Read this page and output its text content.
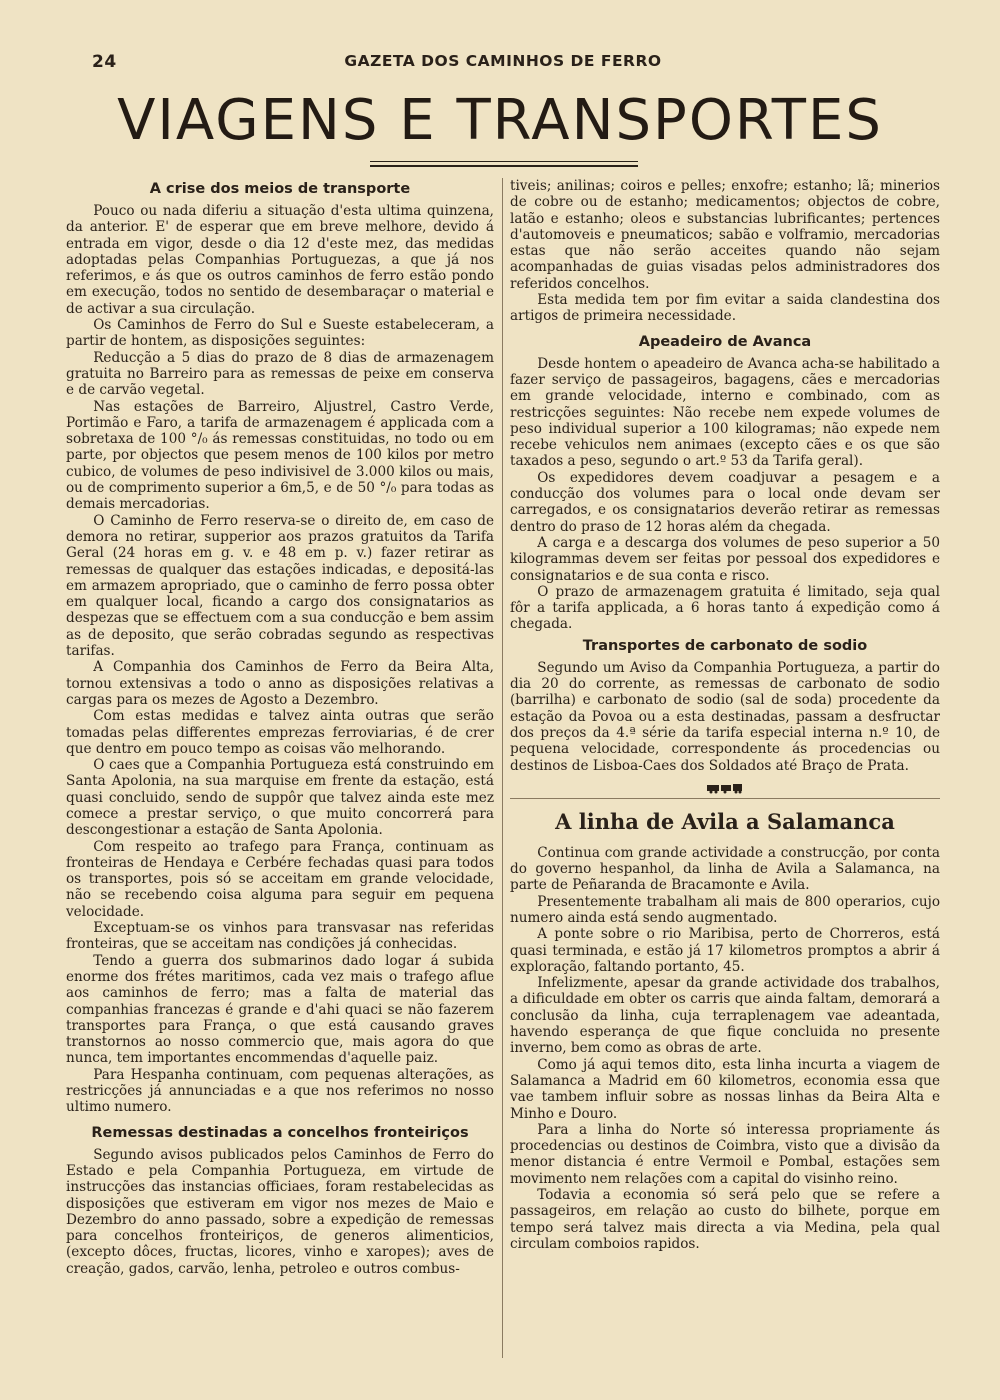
24	GAZETA DOS CAMINHOS DE FERRO
VIAGENS E TRANSPORTES
A crise dos meios de transporte

Pouco ou nada diferiu a situação d'esta ultima quinzena, da anterior. E' de esperar que em breve melhore, devido á entrada em vigor, desde o dia 12 d'este mez, das medidas adoptadas pelas Companhias Portuguezas, a que já nos referimos, e ás que os outros caminhos de ferro estão pondo em execução, todos no sentido de desembaraçar o material e de activar a sua circulação.

Os Caminhos de Ferro do Sul e Sueste estabeleceram, a partir de hontem, as disposições seguintes:

Reducção a 5 dias do prazo de 8 dias de armazenagem gratuita no Barreiro para as remessas de peixe em conserva e de carvão vegetal.

Nas estações de Barreiro, Aljustrel, Castro Verde, Portimão e Faro, a tarifa de armazenagem é applicada com a sobretaxa de 100 °/₀ ás remessas constituidas, no todo ou em parte, por objectos que pesem menos de 100 kilos por metro cubico, de volumes de peso indivisivel de 3.000 kilos ou mais, ou de comprimento superior a 6m,5, e de 50 °/₀ para todas as demais mercadorias.

O Caminho de Ferro reserva-se o direito de, em caso de demora no retirar, supperior aos prazos gratuitos da Tarifa Geral (24 horas em g. v. e 48 em p. v.) fazer retirar as remessas de qualquer das estações indicadas, e depositá-las em armazem apropriado, que o caminho de ferro possa obter em qualquer local, ficando a cargo dos consignatarios as despezas que se effectuem com a sua conducção e bem assim as de deposito, que serão cobradas segundo as respectivas tarifas.

A Companhia dos Caminhos de Ferro da Beira Alta, tornou extensivas a todo o anno as disposições relativas a cargas para os mezes de Agosto a Dezembro.

Com estas medidas e talvez ainta outras que serão tomadas pelas differentes emprezas ferroviarias, é de crer que dentro em pouco tempo as coisas vão melhorando.

O caes que a Companhia Portugueza está construindo em Santa Apolonia, na sua marquise em frente da estação, está quasi concluido, sendo de suppôr que talvez ainda este mez comece a prestar serviço, o que muito concorrerá para descongestionar a estação de Santa Apolonia.

Com respeito ao trafego para França, continuam as fronteiras de Hendaya e Cerbére fechadas quasi para todos os transportes, pois só se acceitam em grande velocidade, não se recebendo coisa alguma para seguir em pequena velocidade.

Exceptuam-se os vinhos para transvasar nas referidas fronteiras, que se acceitam nas condições já conhecidas.

Tendo a guerra dos submarinos dado logar á subida enorme dos frétes maritimos, cada vez mais o trafego aflue aos caminhos de ferro; mas a falta de material das companhias francezas é grande e d'ahi quaci se não fazerem transportes para França, o que está causando graves transtornos ao nosso commercio que, mais agora do que nunca, tem importantes encommendas d'aquelle paiz.

Para Hespanha continuam, com pequenas alterações, as restricções já annunciadas e a que nos referimos no nosso ultimo numero.

Remessas destinadas a concelhos fronteiriços

Segundo avisos publicados pelos Caminhos de Ferro do Estado e pela Companhia Portugueza, em virtude de instrucções das instancias officiaes, foram restabelecidas as disposições que estiveram em vigor nos mezes de Maio e Dezembro do anno passado, sobre a expedição de remessas para concelhos fronteiriços, de generos alimenticios, (excepto dôces, fructas, licores, vinho e xaropes); aves de creação, gados, carvão, lenha, petroleo e outros combus-

tiveis; anilinas; coiros e pelles; enxofre; estanho; lã; minerios de cobre ou de estanho; medicamentos; objectos de cobre, latão e estanho; oleos e substancias lubrificantes; pertences d'automoveis e pneumaticos; sabão e volframio, mercadorias estas que não serão acceites quando não sejam acompanhadas de guias visadas pelos administradores dos referidos concelhos.

Esta medida tem por fim evitar a saida clandestina dos artigos de primeira necessidade.

Apeadeiro de Avanca

Desde hontem o apeadeiro de Avanca acha-se habilitado a fazer serviço de passageiros, bagagens, cães e mercadorias em grande velocidade, interno e combinado, com as restricções seguintes: Não recebe nem expede volumes de peso individual superior a 100 kilogramas; não expede nem recebe vehiculos nem animaes (excepto cães e os que são taxados a peso, segundo o art.º 53 da Tarifa geral).

Os expedidores devem coadjuvar a pesagem e a conducção dos volumes para o local onde devam ser carregados, e os consignatarios deverão retirar as remessas dentro do praso de 12 horas além da chegada.

A carga e a descarga dos volumes de peso superior a 50 kilogrammas devem ser feitas por pessoal dos expedidores e consignatarios e de sua conta e risco.

O prazo de armazenagem gratuita é limitado, seja qual fôr a tarifa applicada, a 6 horas tanto á expedição como á chegada.

Transportes de carbonato de sodio

Segundo um Aviso da Companhia Portugueza, a partir do dia 20 do corrente, as remessas de carbonato de sodio (barrilha) e carbonato de sodio (sal de soda) procedente da estação da Povoa ou a esta destinadas, passam a desfructar dos preços da 4.ª série da tarifa especial interna n.º 10, de pequena velocidade, correspondente ás procedencias ou destinos de Lisboa-Caes dos Soldados até Braço de Prata.

A linha de Avila a Salamanca

Continua com grande actividade a construcção, por conta do governo hespanhol, da linha de Avila a Salamanca, na parte de Peñaranda de Bracamonte e Avila.

Presentemente trabalham ali mais de 800 operarios, cujo numero ainda está sendo augmentado.

A ponte sobre o rio Maribisa, perto de Chorreros, está quasi terminada, e estão já 17 kilometros promptos a abrir á exploração, faltando portanto, 45.

Infelizmente, apesar da grande actividade dos trabalhos, a dificuldade em obter os carris que ainda faltam, demorará a conclusão da linha, cuja terraplenagem vae adeantada, havendo esperança de que fique concluida no presente inverno, bem como as obras de arte.

Como já aqui temos dito, esta linha incurta a viagem de Salamanca a Madrid em 60 kilometros, economia essa que vae tambem influir sobre as nossas linhas da Beira Alta e Minho e Douro.

Para a linha do Norte só interessa propriamente ás procedencias ou destinos de Coimbra, visto que a divisão da menor distancia é entre Vermoil e Pombal, estações sem movimento nem relações com a capital do visinho reino.

Todavia a economia só será pelo que se refere a passageiros, em relação ao custo do bilhete, porque em tempo será talvez mais directa a via Medina, pela qual circulam comboios rapidos.
